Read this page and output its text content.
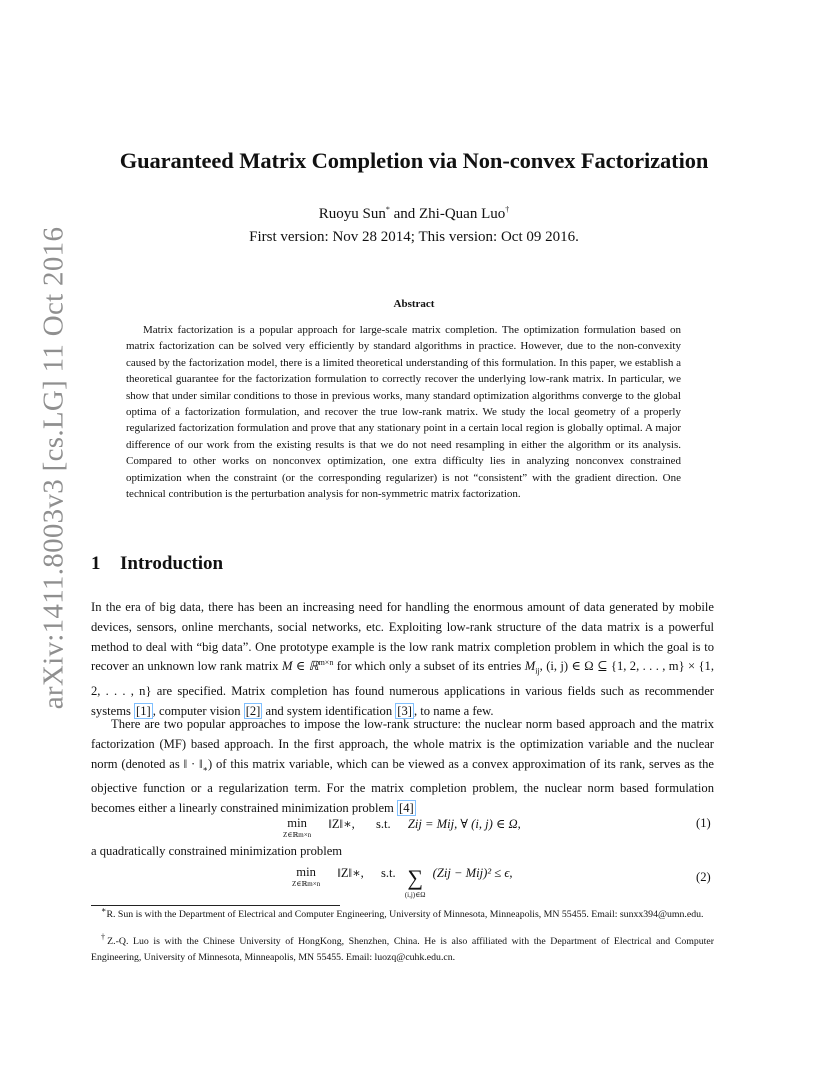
arXiv:1411.8003v3 [cs.LG] 11 Oct 2016
Guaranteed Matrix Completion via Non-convex Factorization
Ruoyu Sun* and Zhi-Quan Luo†
First version: Nov 28 2014; This version: Oct 09 2016.
Abstract
Matrix factorization is a popular approach for large-scale matrix completion. The optimization formulation based on matrix factorization can be solved very efficiently by standard algorithms in practice. However, due to the non-convexity caused by the factorization model, there is a limited theoretical understanding of this formulation. In this paper, we establish a theoretical guarantee for the factorization formulation to correctly recover the underlying low-rank matrix. In particular, we show that under similar conditions to those in previous works, many standard optimization algorithms converge to the global optima of a factorization formulation, and recover the true low-rank matrix. We study the local geometry of a properly regularized factorization formulation and prove that any stationary point in a certain local region is globally optimal. A major difference of our work from the existing results is that we do not need resampling in either the algorithm or its analysis. Compared to other works on nonconvex optimization, one extra difficulty lies in analyzing nonconvex constrained optimization when the constraint (or the corresponding regularizer) is not “consistent” with the gradient direction. One technical contribution is the perturbation analysis for non-symmetric matrix factorization.
1 Introduction
In the era of big data, there has been an increasing need for handling the enormous amount of data generated by mobile devices, sensors, online merchants, social networks, etc. Exploiting low-rank structure of the data matrix is a powerful method to deal with “big data”. One prototype example is the low rank matrix completion problem in which the goal is to recover an unknown low rank matrix M ∈ ℝ$^{m\times n}$ for which only a subset of its entries $M_{ij}$, (i, j) ∈ Ω ⊆ {1, 2, . . . , m} × {1, 2, . . . , n} are specified. Matrix completion has found numerous applications in various fields such as recommender systems [1] , computer vision [2] and system identification [3] , to name a few.
There are two popular approaches to impose the low-rank structure: the nuclear norm based approach and the matrix factorization (MF) based approach. In the first approach, the whole matrix is the optimization variable and the nuclear norm (denoted as ‖ · $‖_∗$) of this matrix variable, which can be viewed as a convex approximation of its rank, serves as the objective function or a regularization term. For the matrix completion problem, the nuclear norm based formulation becomes either a linearly constrained minimization problem [4]
min
Z∈ℝm×n
‖Z‖∗, s.t. Zij = Mij, ∀ (i, j) ∈ Ω,	(1)
a quadratically constrained minimization problem
min
Z∈ℝm×n
‖Z‖∗, s.t. ∑
(i,j)∈Ω
(Zij − Mij)² ≤ ϵ,	(2)
∗R. Sun is with the Department of Electrical and Computer Engineering, University of Minnesota, Minneapolis, MN 55455. Email: sunxx394@umn.edu.
†Z.-Q. Luo is with the Chinese University of HongKong, Shenzhen, China. He is also affiliated with the Department of Electrical and Computer Engineering, University of Minnesota, Minneapolis, MN 55455. Email: luozq@cuhk.edu.cn.
